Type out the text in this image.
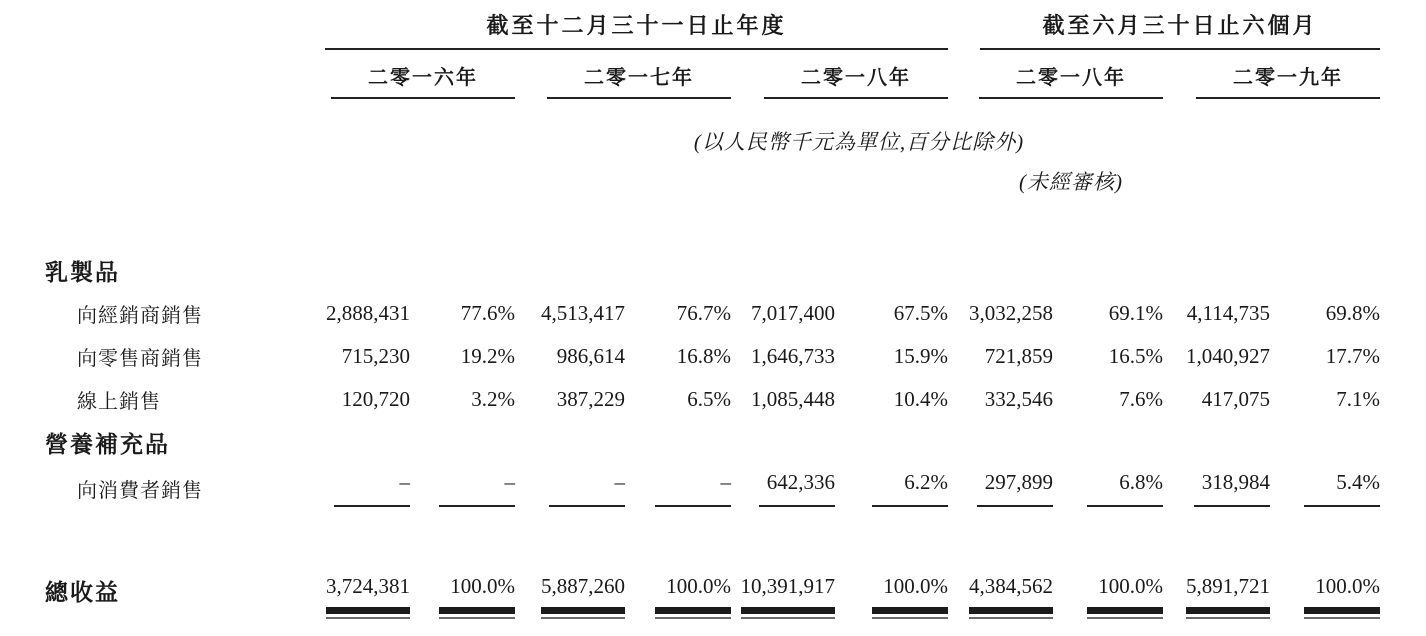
(以人民幣千元為單位,百分比除外)
(未經審核)

	截至十二月三十一日止年度						截至六月三十日止六個月			

	二零一六年		二零一七年		二零一八年		二零一八年		二零一九年	

乳製品										
向經銷商銷售	2,888,431	77.6%	4,513,417	76.7%	7,017,400	67.5%	3,032,258	69.1%	4,114,735	69.8%
向零售商銷售	715,230	19.2%	986,614	16.8%	1,646,733	15.9%	721,859	16.5%	1,040,927	17.7%
線上銷售	120,720	3.2%	387,229	6.5%	1,085,448	10.4%	332,546	7.6%	417,075	7.1%
營養補充品										
向消費者銷售	–	–	–	–	642,336	6.2%	297,899	6.8%	318,984	5.4%

總收益	3,724,381	100.0%	5,887,260	100.0%	10,391,917	100.0%	4,384,562	100.0%	5,891,721	100.0%
